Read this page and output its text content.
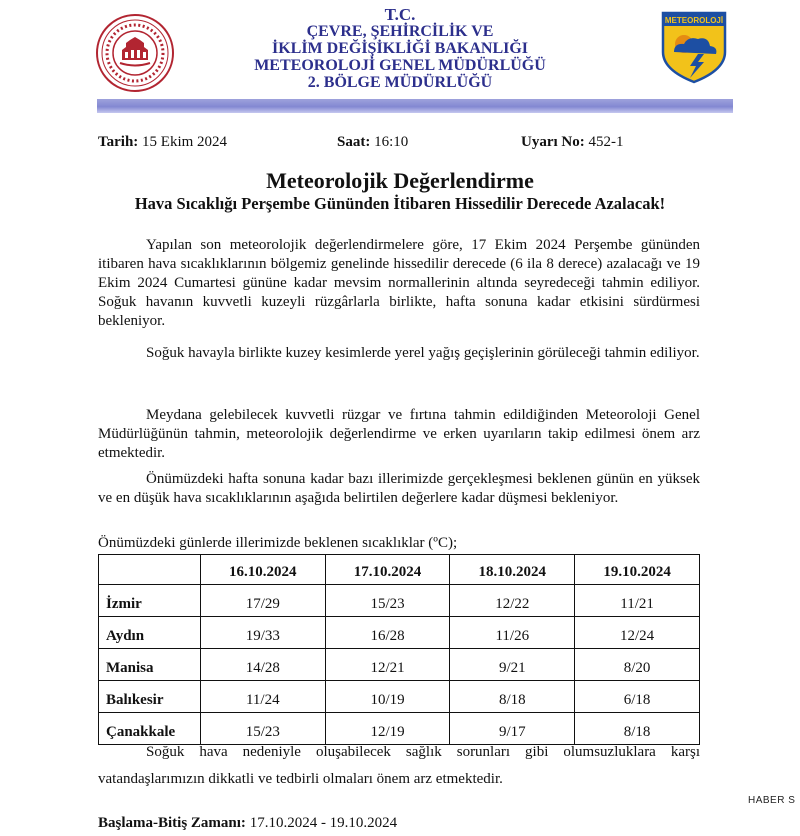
T.C.
ÇEVRE, ŞEHİRCİLİK VE
İKLİM DEĞİŞİKLİĞİ BAKANLIĞI
METEOROLOJİ GENEL MÜDÜRLÜĞÜ
2. BÖLGE MÜDÜRLÜĞÜ
METEOROLOJİ
Tarih: 15 Ekim 2024	Saat: 16:10	Uyarı No: 452-1
Meteorolojik Değerlendirme
Hava Sıcaklığı Perşembe Gününden İtibaren Hissedilir Derecede Azalacak!

Yapılan son meteorolojik değerlendirmelere göre, 17 Ekim 2024 Perşembe gününden itibaren hava sıcaklıklarının bölgemiz genelinde hissedilir derecede (6 ila 8 derece) azalacağı ve 19 Ekim 2024 Cumartesi gününe kadar mevsim normallerinin altında seyredeceği tahmin ediliyor. Soğuk havanın kuvvetli kuzeyli rüzgârlarla birlikte, hafta sonuna kadar etkisini sürdürmesi bekleniyor.

Soğuk havayla birlikte kuzey kesimlerde yerel yağış geçişlerinin görüleceği tahmin ediliyor.

Meydana gelebilecek kuvvetli rüzgar ve fırtına tahmin edildiğinden Meteoroloji Genel Müdürlüğünün tahmin, meteorolojik değerlendirme ve erken uyarıların takip edilmesi önem arz etmektedir.

Önümüzdeki hafta sonuna kadar bazı illerimizde gerçekleşmesi beklenen günün en yüksek ve en düşük hava sıcaklıklarının aşağıda belirtilen değerlere kadar düşmesi bekleniyor.

Önümüzdeki günlerde illerimizde beklenen sıcaklıklar (ºC);
	16.10.2024	17.10.2024	18.10.2024	19.10.2024
İzmir	17/29	15/23	12/22	11/21
Aydın	19/33	16/28	11/26	12/24
Manisa	14/28	12/21	9/21	8/20
Balıkesir	11/24	10/19	8/18	6/18
Çanakkale	15/23	12/19	9/17	8/18
Soğuk hava nedeniyle oluşabilecek sağlık sorunları gibi olumsuzluklara karşı
vatandaşlarımızın dikkatli ve tedbirli olmaları önem arz etmektedir.
Başlama-Bitiş Zamanı: 17.10.2024 - 19.10.2024
HABER S
